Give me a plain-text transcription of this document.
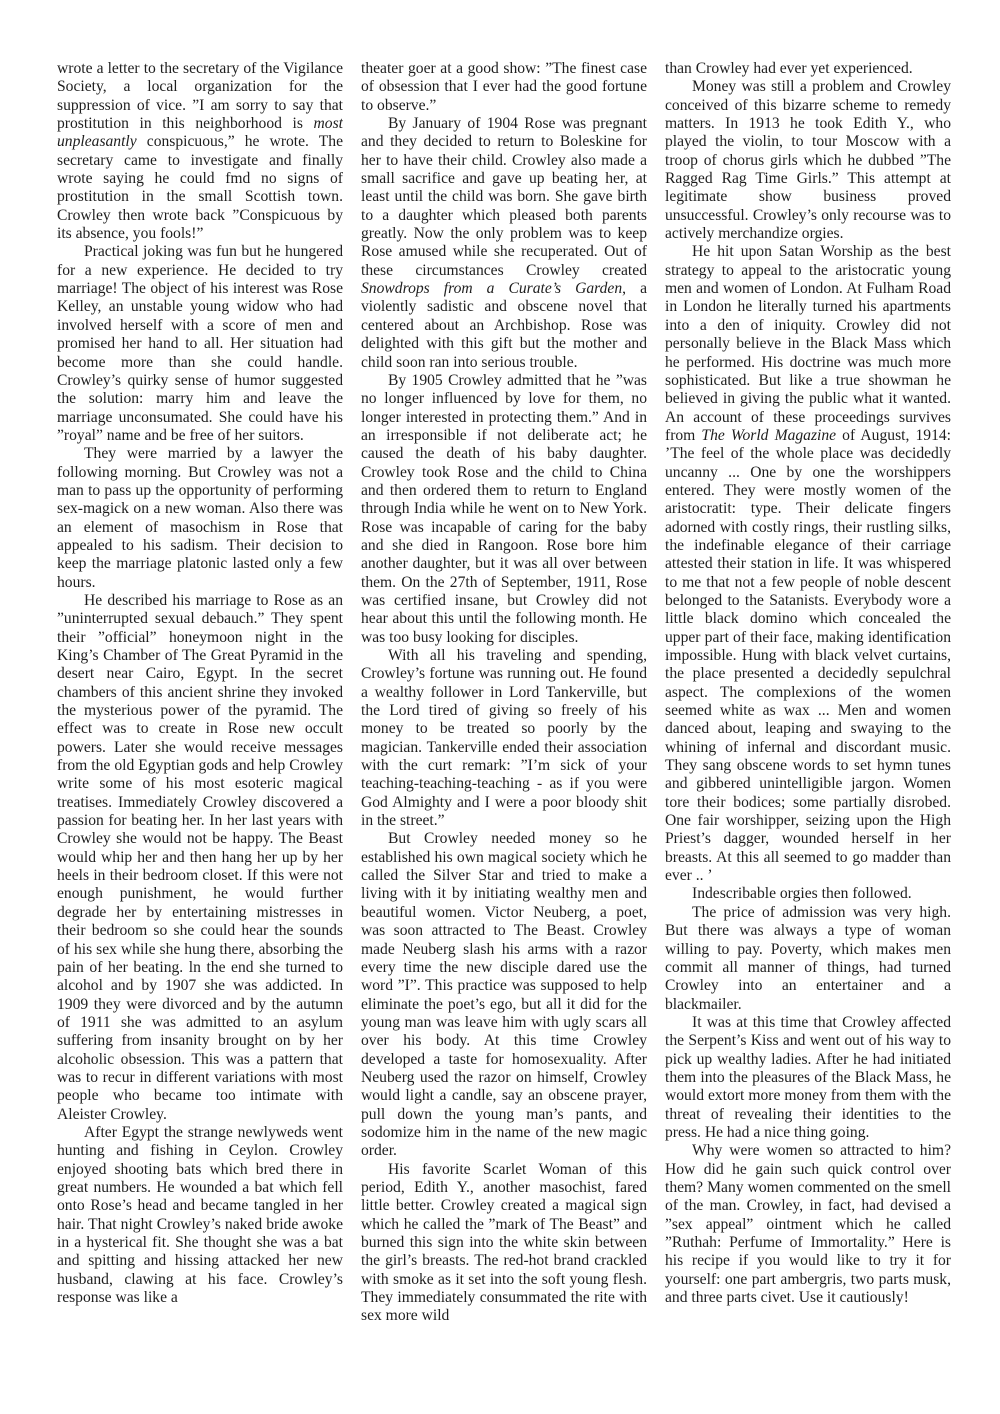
wrote a letter to the secretary of the Vigilance Society, a local organization for the suppression of vice. ”I am sorry to say that prostitution in this neighborhood is most unpleasantly conspicuous,” he wrote. The secretary came to investigate and finally wrote saying he could fmd no signs of prostitution in the small Scottish town. Crowley then wrote back ”Conspicuous by its absence, you fools!”

Practical joking was fun but he hungered for a new experience. He decided to try marriage! The object of his interest was Rose Kelley, an unstable young widow who had involved herself with a score of men and promised her hand to all. Her situation had become more than she could handle. Crowley’s quirky sense of humor suggested the solution: marry him and leave the marriage unconsumated. She could have his ”royal” name and be free of her suitors.

They were married by a lawyer the following morning. But Crowley was not a man to pass up the opportunity of performing sex-magick on a new woman. Also there was an element of masochism in Rose that appealed to his sadism. Their decision to keep the marriage platonic lasted only a few hours.

He described his marriage to Rose as an ”uninterrupted sexual debauch.” They spent their ”official” honeymoon night in the King’s Chamber of The Great Pyramid in the desert near Cairo, Egypt. In the secret chambers of this ancient shrine they invoked the mysterious power of the pyramid. The effect was to create in Rose new occult powers. Later she would receive messages from the old Egyptian gods and help Crowley write some of his most esoteric magical treatises. Immediately Crowley discovered a passion for beating her. In her last years with Crowley she would not be happy. The Beast would whip her and then hang her up by her heels in their bedroom closet. If this were not enough punishment, he would further degrade her by entertaining mistresses in their bedroom so she could hear the sounds of his sex while she hung there, absorbing the pain of her beating. ln the end she turned to alcohol and by 1907 she was addicted. In 1909 they were divorced and by the autumn of 1911 she was admitted to an asylum suffering from insanity brought on by her alcoholic obsession. This was a pattern that was to recur in different variations with most people who became too intimate with Aleister Crowley.

After Egypt the strange newlyweds went hunting and fishing in Ceylon. Crowley enjoyed shooting bats which bred there in great numbers. He wounded a bat which fell onto Rose’s head and became tangled in her hair. That night Crowley’s naked bride awoke in a hysterical fit. She thought she was a bat and spitting and hissing attacked her new husband, clawing at his face. Crowley’s response was like a

theater goer at a good show: ”The finest case of obsession that I ever had the good fortune to observe.”

By January of 1904 Rose was pregnant and they decided to return to Boleskine for her to have their child. Crowley also made a small sacrifice and gave up beating her, at least until the child was born. She gave birth to a daughter which pleased both parents greatly. Now the only problem was to keep Rose amused while she recuperated. Out of these circumstances Crowley created Snowdrops from a Curate’s Garden, a violently sadistic and obscene novel that centered about an Archbishop. Rose was delighted with this gift but the mother and child soon ran into serious trouble.

By 1905 Crowley admitted that he ”was no longer influenced by love for them, no longer interested in protecting them.” And in an irresponsible if not deliberate act; he caused the death of his baby daughter. Crowley took Rose and the child to China and then ordered them to return to England through India while he went on to New York. Rose was incapable of caring for the baby and she died in Rangoon. Rose bore him another daughter, but it was all over between them. On the 27th of September, 1911, Rose was certified insane, but Crowley did not hear about this until the following month. He was too busy looking for disciples.

With all his traveling and spending, Crowley’s fortune was running out. He found a wealthy follower in Lord Tankerville, but the Lord tired of giving so freely of his money to be treated so poorly by the magician. Tankerville ended their association with the curt remark: ”I’m sick of your teaching-teaching-teaching - as if you were God Almighty and I were a poor bloody shit in the street.”

But Crowley needed money so he established his own magical society which he called the Silver Star and tried to make a living with it by initiating wealthy men and beautiful women. Victor Neuberg, a poet, was soon attracted to The Beast. Crowley made Neuberg slash his arms with a razor every time the new disciple dared use the word ”I”. This practice was supposed to help eliminate the poet’s ego, but all it did for the young man was leave him with ugly scars all over his body. At this time Crowley developed a taste for homosexuality. After Neuberg used the razor on himself, Crowley would light a candle, say an obscene prayer, pull down the young man’s pants, and sodomize him in the name of the new magic order.

His favorite Scarlet Woman of this period, Edith Y., another masochist, fared little better. Crowley created a magical sign which he called the ”mark of The Beast” and burned this sign into the white skin between the girl’s breasts. The red-hot brand crackled with smoke as it set into the soft young flesh. They immediately consummated the rite with sex more wild

than Crowley had ever yet experienced.

Money was still a problem and Crowley conceived of this bizarre scheme to remedy matters. In 1913 he took Edith Y., who played the violin, to tour Moscow with a troop of chorus girls which he dubbed ”The Ragged Rag Time Girls.” This attempt at legitimate show business proved unsuccessful. Crowley’s only recourse was to actively merchandize orgies.

He hit upon Satan Worship as the best strategy to appeal to the aristocratic young men and women of London. At Fulham Road in London he literally turned his apartments into a den of iniquity. Crowley did not personally believe in the Black Mass which he performed. His doctrine was much more sophisticated. But like a true showman he believed in giving the public what it wanted. An account of these proceedings survives from The World Magazine of August, 1914: ’The feel of the whole place was decidedly uncanny ... One by one the worshippers entered. They were mostly women of the aristocratit: type. Their delicate fingers adorned with costly rings, their rustling silks, the indefinable elegance of their carriage attested their station in life. It was whispered to me that not a few people of noble descent belonged to the Satanists. Everybody wore a little black domino which concealed the upper part of their face, making identification impossible. Hung with black velvet curtains, the place presented a decidedly sepulchral aspect. The complexions of the women seemed white as wax ... Men and women danced about, leaping and swaying to the whining of infernal and discordant music. They sang obscene words to set hymn tunes and gibbered unintelligible jargon. Women tore their bodices; some partially disrobed. One fair worshipper, seizing upon the High Priest’s dagger, wounded herself in her breasts. At this all seemed to go madder than ever .. ’

Indescribable orgies then followed.

The price of admission was very high. But there was always a type of woman willing to pay. Poverty, which makes men commit all manner of things, had turned Crowley into an entertainer and a blackmailer.

It was at this time that Crowley affected the Serpent’s Kiss and went out of his way to pick up wealthy ladies. After he had initiated them into the pleasures of the Black Mass, he would extort more money from them with the threat of revealing their identities to the press. He had a nice thing going.

Why were women so attracted to him? How did he gain such quick control over them? Many women commented on the smell of the man. Crowley, in fact, had devised a ”sex appeal” ointment which he called ”Ruthah: Perfume of Immortality.” Here is his recipe if you would like to try it for yourself: one part ambergris, two parts musk, and three parts civet. Use it cautiously!
